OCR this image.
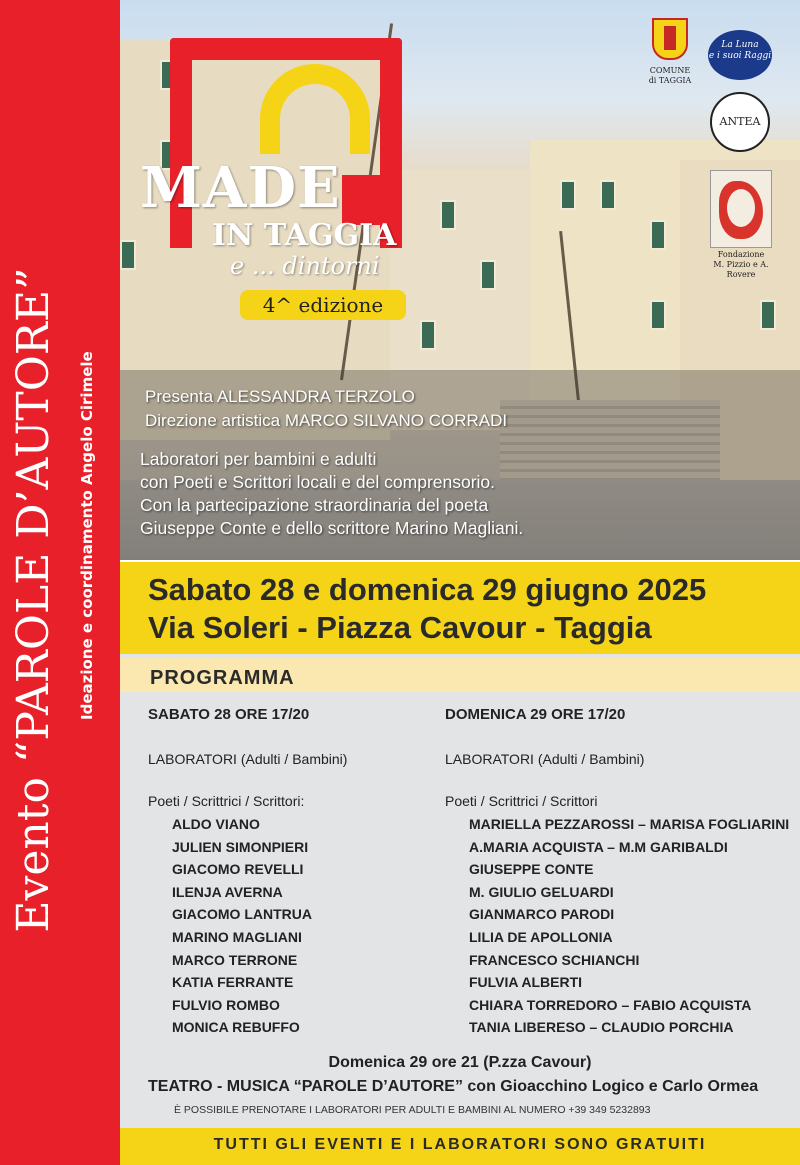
Evento “PAROLE D’AUTORE” Ideazione e coordinamento Angelo Cirimele
MADE
IN TAGGIA
e ... dintorni
4^ edizione
COMUNE
di TAGGIA
La Luna
e i suoi Raggi
ANTEA
Fondazione
M. Pizzio e A. Rovere
Presenta ALESSANDRA TERZOLO
Direzione artistica MARCO SILVANO CORRADI
Laboratori per bambini e adulti
con Poeti e Scrittori locali e del comprensorio.
Con la partecipazione straordinaria del poeta
Giuseppe Conte e dello scrittore Marino Magliani.
Sabato 28 e domenica 29 giugno 2025
Via Soleri - Piazza Cavour - Taggia
PROGRAMMA
SABATO 28 ORE 17/20
LABORATORI (Adulti / Bambini)
Poeti / Scrittrici / Scrittori:
ALDO VIANO
JULIEN SIMONPIERI
GIACOMO REVELLI
ILENJA AVERNA
GIACOMO LANTRUA
MARINO MAGLIANI
MARCO TERRONE
KATIA FERRANTE
FULVIO ROMBO
MONICA REBUFFO
DOMENICA 29 ORE 17/20
LABORATORI (Adulti / Bambini)
Poeti / Scrittrici / Scrittori
MARIELLA PEZZAROSSI – MARISA FOGLIARINI
A.MARIA ACQUISTA – M.M GARIBALDI
GIUSEPPE CONTE
M. GIULIO GELUARDI
GIANMARCO PARODI
LILIA DE APOLLONIA
FRANCESCO SCHIANCHI
FULVIA ALBERTI
CHIARA TORREDORO – FABIO ACQUISTA
TANIA LIBERESO – CLAUDIO PORCHIA
Domenica 29 ore 21 (P.zza Cavour)
TEATRO - MUSICA “PAROLE D’AUTORE” con Gioacchino Logico e Carlo Ormea
È POSSIBILE PRENOTARE I LABORATORI PER ADULTI E BAMBINI AL NUMERO +39 349 5232893
TUTTI GLI EVENTI E I LABORATORI SONO GRATUITI
